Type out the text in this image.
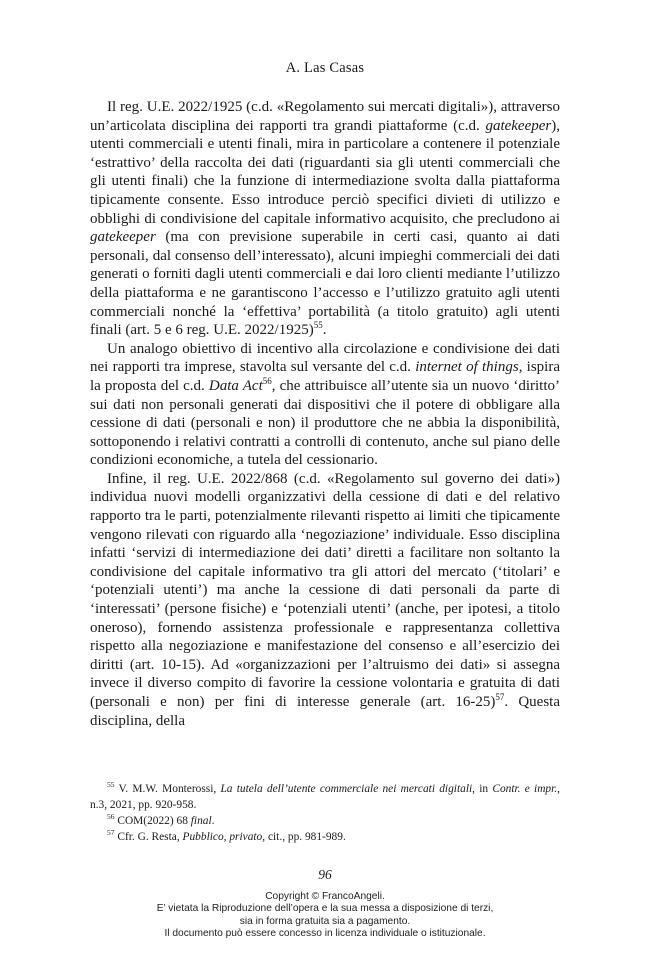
A. Las Casas

Il reg. U.E. 2022/1925 (c.d. «Regolamento sui mercati digitali»), attraverso un’articolata disciplina dei rapporti tra grandi piattaforme (c.d. gatekeeper), utenti commerciali e utenti finali, mira in particolare a contenere il potenziale ‘estrattivo’ della raccolta dei dati (riguardanti sia gli utenti commerciali che gli utenti finali) che la funzione di intermediazione svolta dalla piattaforma tipicamente consente. Esso introduce perciò specifici divieti di utilizzo e obblighi di condivisione del capitale informativo acquisito, che precludono ai gatekeeper (ma con previsione superabile in certi casi, quanto ai dati personali, dal consenso dell’interessato), alcuni impieghi commerciali dei dati generati o forniti dagli utenti commerciali e dai loro clienti mediante l’utilizzo della piattaforma e ne garantiscono l’accesso e l’utilizzo gratuito agli utenti commerciali nonché la ‘effettiva’ portabilità (a titolo gratuito) agli utenti finali (art. 5 e 6 reg. U.E. 2022/1925)$^{55}$.

Un analogo obiettivo di incentivo alla circolazione e condivisione dei dati nei rapporti tra imprese, stavolta sul versante del c.d. internet of things, ispira la proposta del c.d. Data Act$^{56}$, che attribuisce all’utente sia un nuovo ‘diritto’ sui dati non personali generati dai dispositivi che il potere di obbligare alla cessione di dati (personali e non) il produttore che ne abbia la disponibilità, sottoponendo i relativi contratti a controlli di contenuto, anche sul piano delle condizioni economiche, a tutela del cessionario.

Infine, il reg. U.E. 2022/868 (c.d. «Regolamento sul governo dei dati») individua nuovi modelli organizzativi della cessione di dati e del relativo rapporto tra le parti, potenzialmente rilevanti rispetto ai limiti che tipicamente vengono rilevati con riguardo alla ‘negoziazione’ individuale. Esso disciplina infatti ‘servizi di intermediazione dei dati’ diretti a facilitare non soltanto la condivisione del capitale informativo tra gli attori del mercato (‘titolari’ e ‘potenziali utenti’) ma anche la cessione di dati personali da parte di ‘interessati’ (persone fisiche) e ‘potenziali utenti’ (anche, per ipotesi, a titolo oneroso), fornendo assistenza professionale e rappresentanza collettiva rispetto alla negoziazione e manifestazione del consenso e all’esercizio dei diritti (art. 10-15). Ad «organizzazioni per l’altruismo dei dati» si assegna invece il diverso compito di favorire la cessione volontaria e gratuita di dati (personali e non) per fini di interesse generale (art. 16-25)$^{57}$. Questa disciplina, della

$^{55}$ V. M.W. Monterossi, La tutela dell’utente commerciale nei mercati digitali, in Contr. e impr., n.3, 2021, pp. 920-958.

$^{56}$ COM(2022) 68 final.

$^{57}$ Cfr. G. Resta, Pubblico, privato, cit., pp. 981-989.

96
Copyright © FrancoAngeli.
E’ vietata la Riproduzione dell’opera e la sua messa a disposizione di terzi,
sia in forma gratuita sia a pagamento.
Il documento può essere concesso in licenza individuale o istituzionale.
